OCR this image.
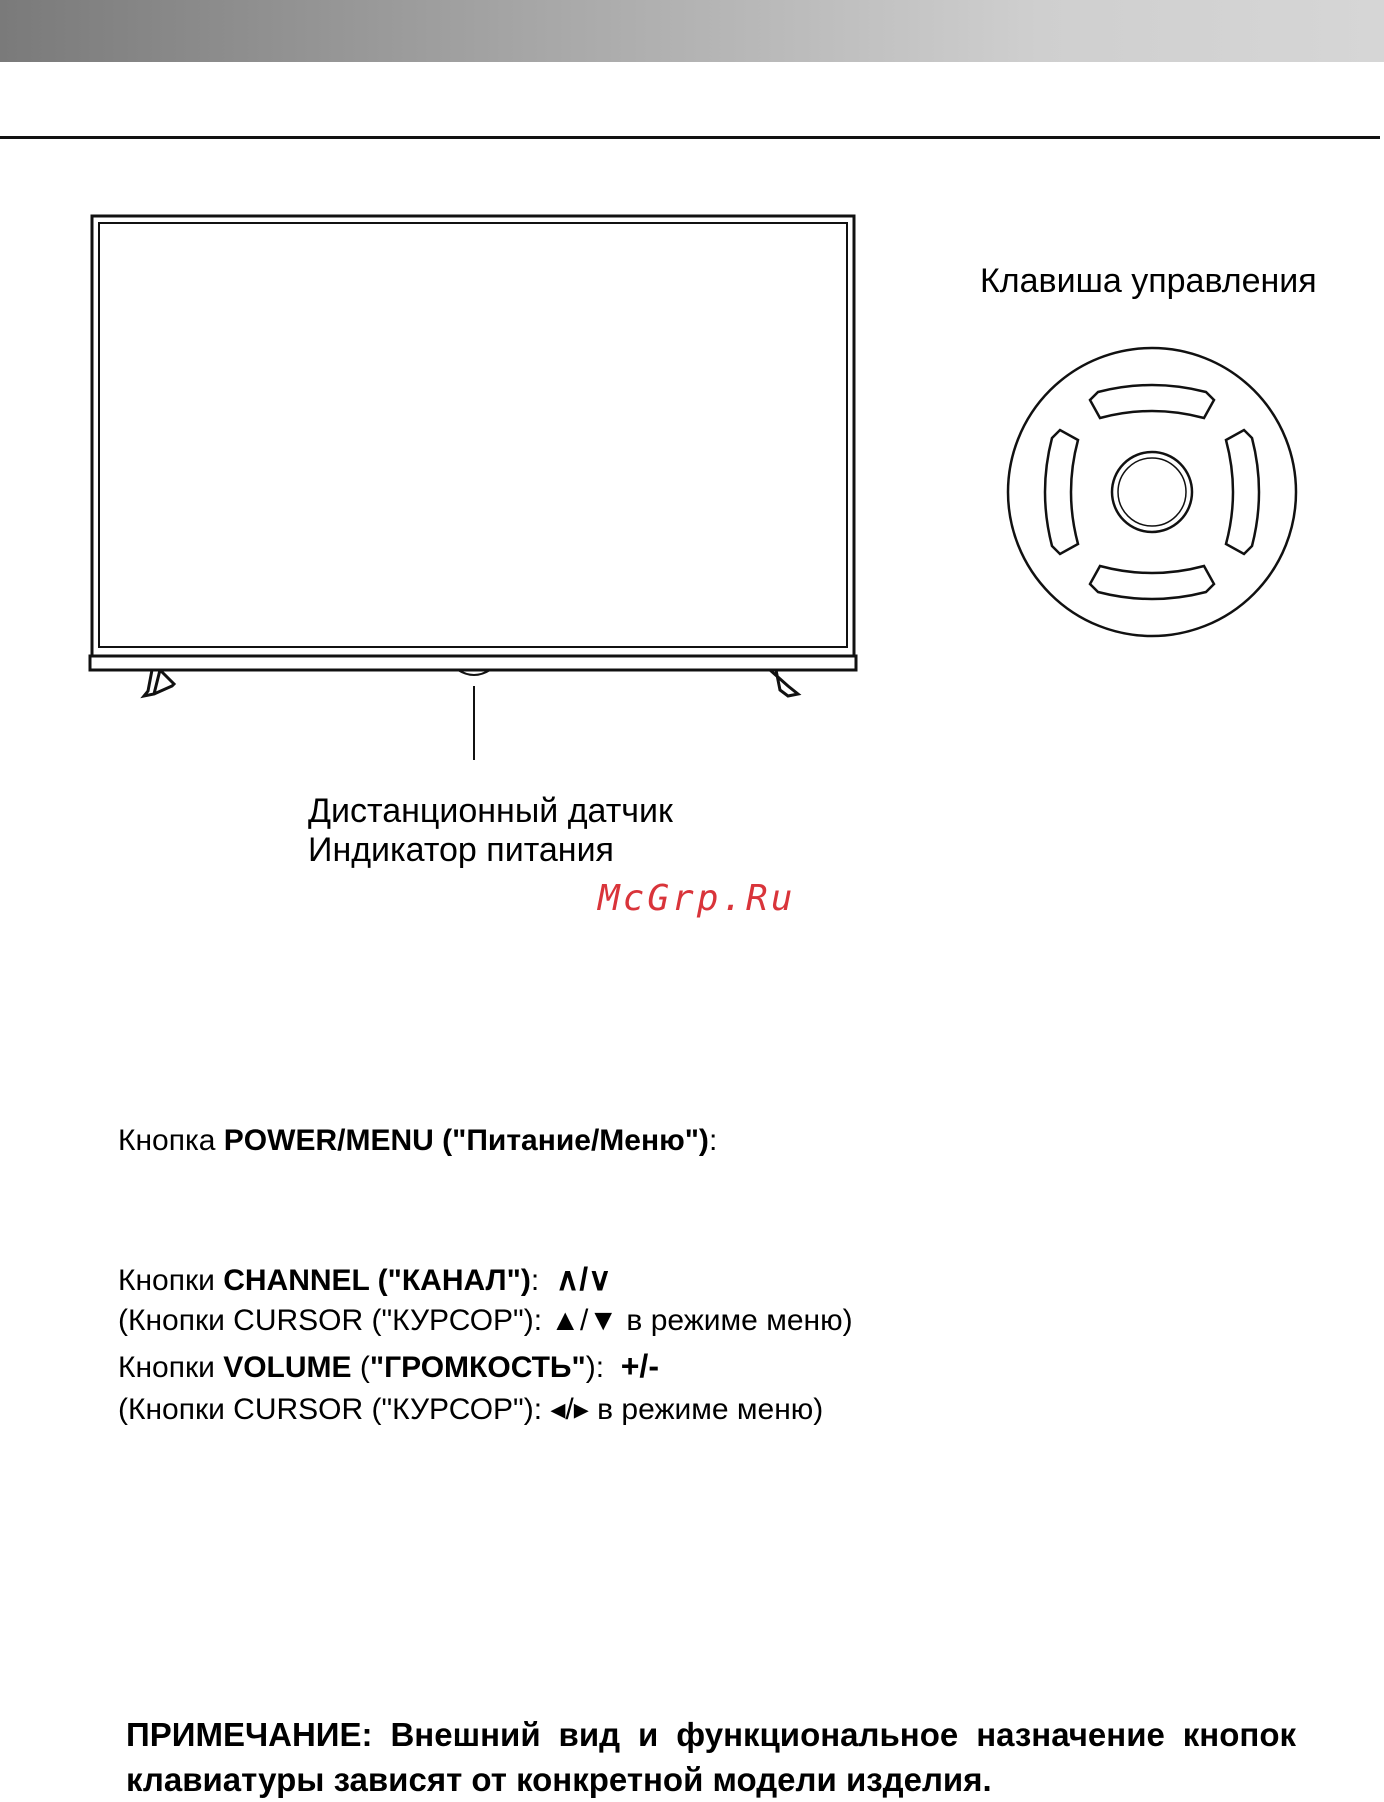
Клавиша управления
Дистанционный датчик
Индикатор питания
McGrp.Ru
Кнопка POWER/MENU ("Питание/Меню"):
Кнопки CHANNEL ("КАНАЛ"): ∧/∨
(Кнопки CURSOR ("КУРСОР"): ▲/▼ в режиме меню)
Кнопки VOLUME ("ГРОМКОСТЬ"): +/-
(Кнопки CURSOR ("КУРСОР"): ◂/▸ в режиме меню)
ПРИМЕЧАНИЕ: Внешний вид и функциональное назначение кнопок клавиатуры зависят от конкретной модели изделия.
